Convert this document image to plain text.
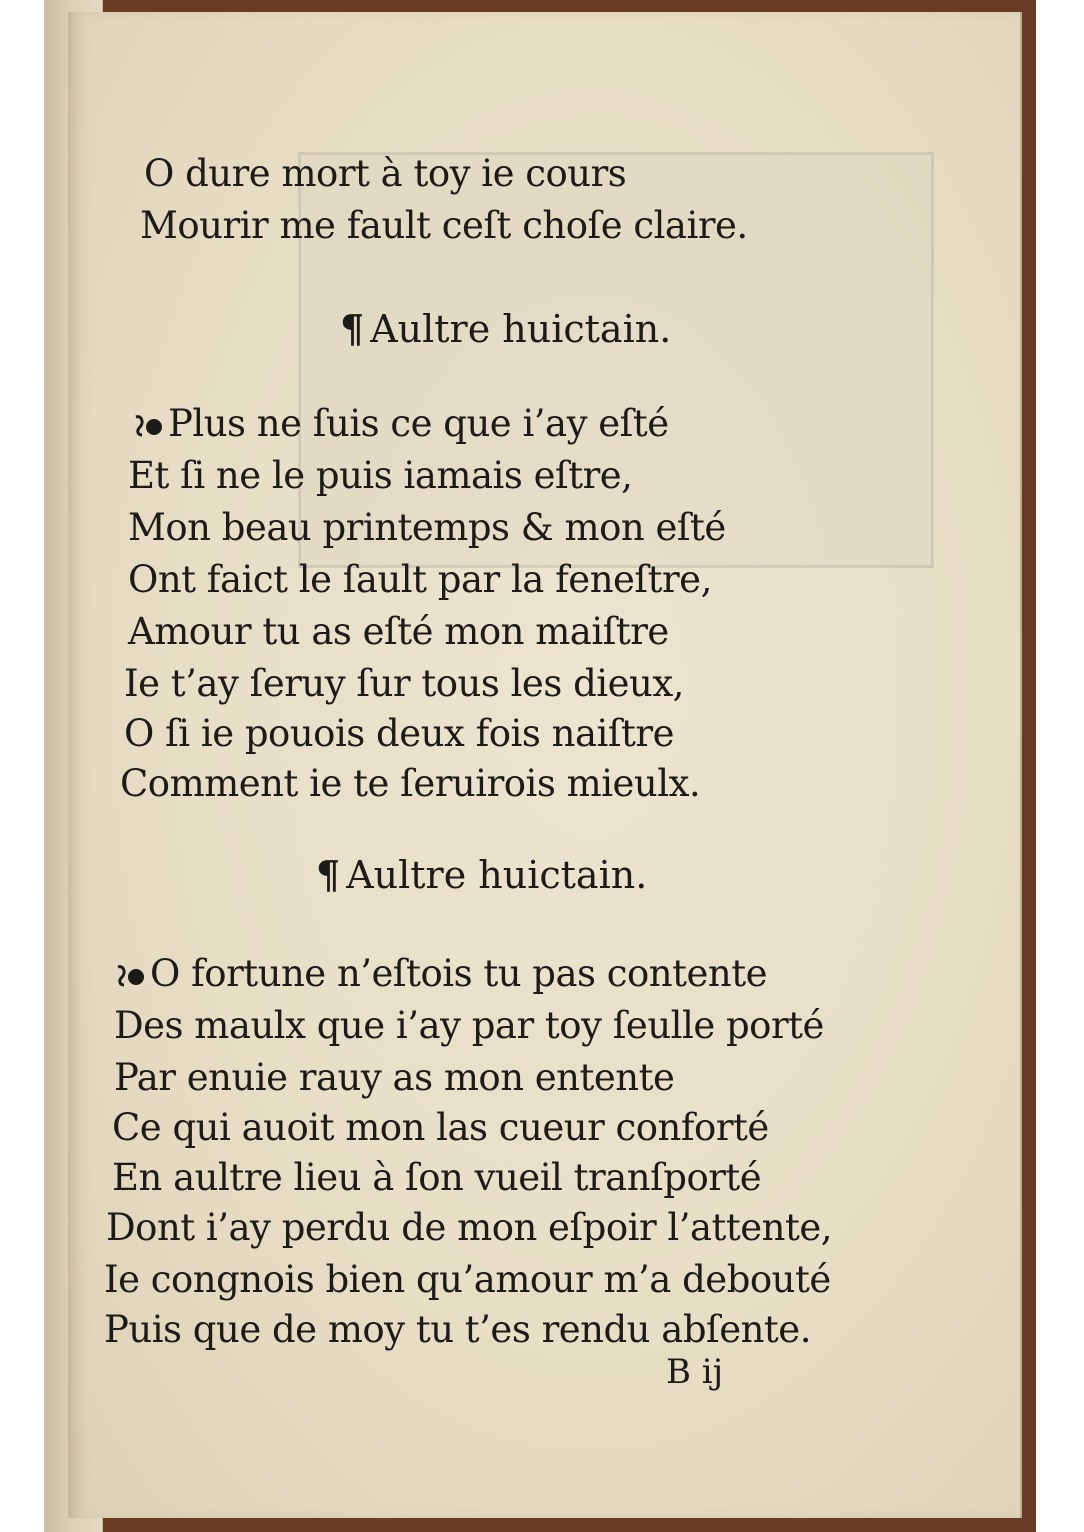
O dure mort à toy ie cours
Mourir me fault ceſt choſe claire.
¶ Aultre huictain.
Plus ne ſuis ce que i’ay eſté
Et ſi ne le puis iamais eſtre,
Mon beau printemps & mon eſté
Ont faict le ſault par la feneſtre,
Amour tu as eſté mon maiſtre
Ie t’ay ſeruy ſur tous les dieux,
O ſi ie pouois deux fois naiſtre
Comment ie te ſeruirois mieulx.
¶ Aultre huictain.
O fortune n’eſtois tu pas contente
Des maulx que i’ay par toy ſeulle porté
Par enuie rauy as mon entente
Ce qui auoit mon las cueur conforté
En aultre lieu à ſon vueil tranſporté
Dont i’ay perdu de mon eſpoir l’attente,
Ie congnois bien qu’amour m’a debouté
Puis que de moy tu t’es rendu abſente.
B ij
